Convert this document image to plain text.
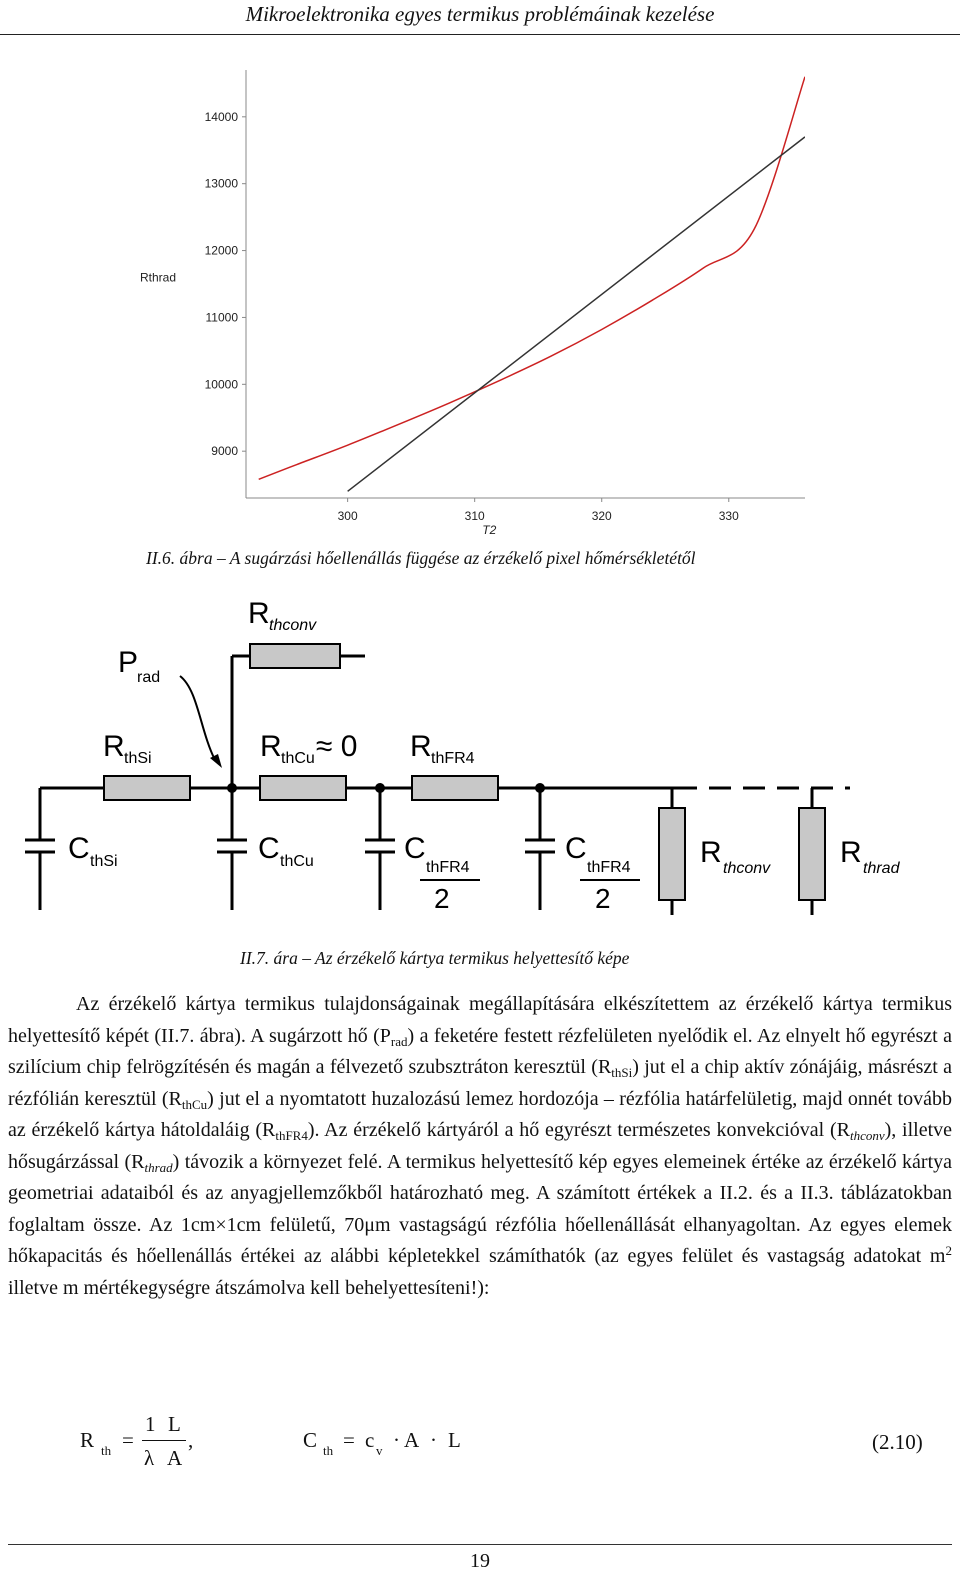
Mikroelektronika egyes termikus problémáinak kezelése
9000
10000
11000
12000
13000
14000
300	310	320	330
T2
Rthrad
II.6. ábra – A sugárzási hőellenállás függése az érzékelő pixel hőmérsékletétől
R thconv
P
rad
R thSi	R thCu ≈ 0 R thFR4
C thSi	C thCu	C
thFR4
2
C
thFR4
2
R thconv R thrad
II.7. ára – Az érzékelő kártya termikus helyettesítő képe
Az érzékelő kártya termikus tulajdonságainak megállapítására elkészítettem az érzékelő kártya termikus helyettesítő képét (II.7. ábra). A sugárzott hő $(P_{rad})$ a feketére festett rézfelületen nyelődik el. Az elnyelt hő egyrészt a szilícium chip felrögzítésén és magán a félvezető szubsztráton keresztül $(R_{thSi})$ jut el a chip aktív zónájáig, másrészt a rézfólián keresztül $(R_{thCu})$ jut el a nyomtatott huzalozású lemez hordozója – rézfólia határfelületig, majd onnét tovább az érzékelő kártya hátoldaláig $(R_{thFR4})$. Az érzékelő kártyáról a hő egyrészt természetes konvekcióval $(R_{thconv})$, illetve hősugárzással $(R_{thrad})$ távozik a környezet felé. A termikus helyettesítő kép egyes elemeinek értéke az érzékelő kártya geometriai adataiból és az anyagjellemzőkből határozható meg. A számított értékek a II.2. és a II.3. táblázatokban foglaltam össze. Az 1cm×1cm felületű, 70μm vastagságú rézfólia hőellenállását elhanyagoltan. Az egyes elemek hőkapacitás és hőellenállás értékei az alábbi képletekkel számíthatók (az egyes felület és vastagság adatokat $m^2$ illetve m mértékegységre átszámolva kell behelyettesíteni!):
R th =
1
λ
L
A
,	C th = c v · A · L	(2.10)
19
